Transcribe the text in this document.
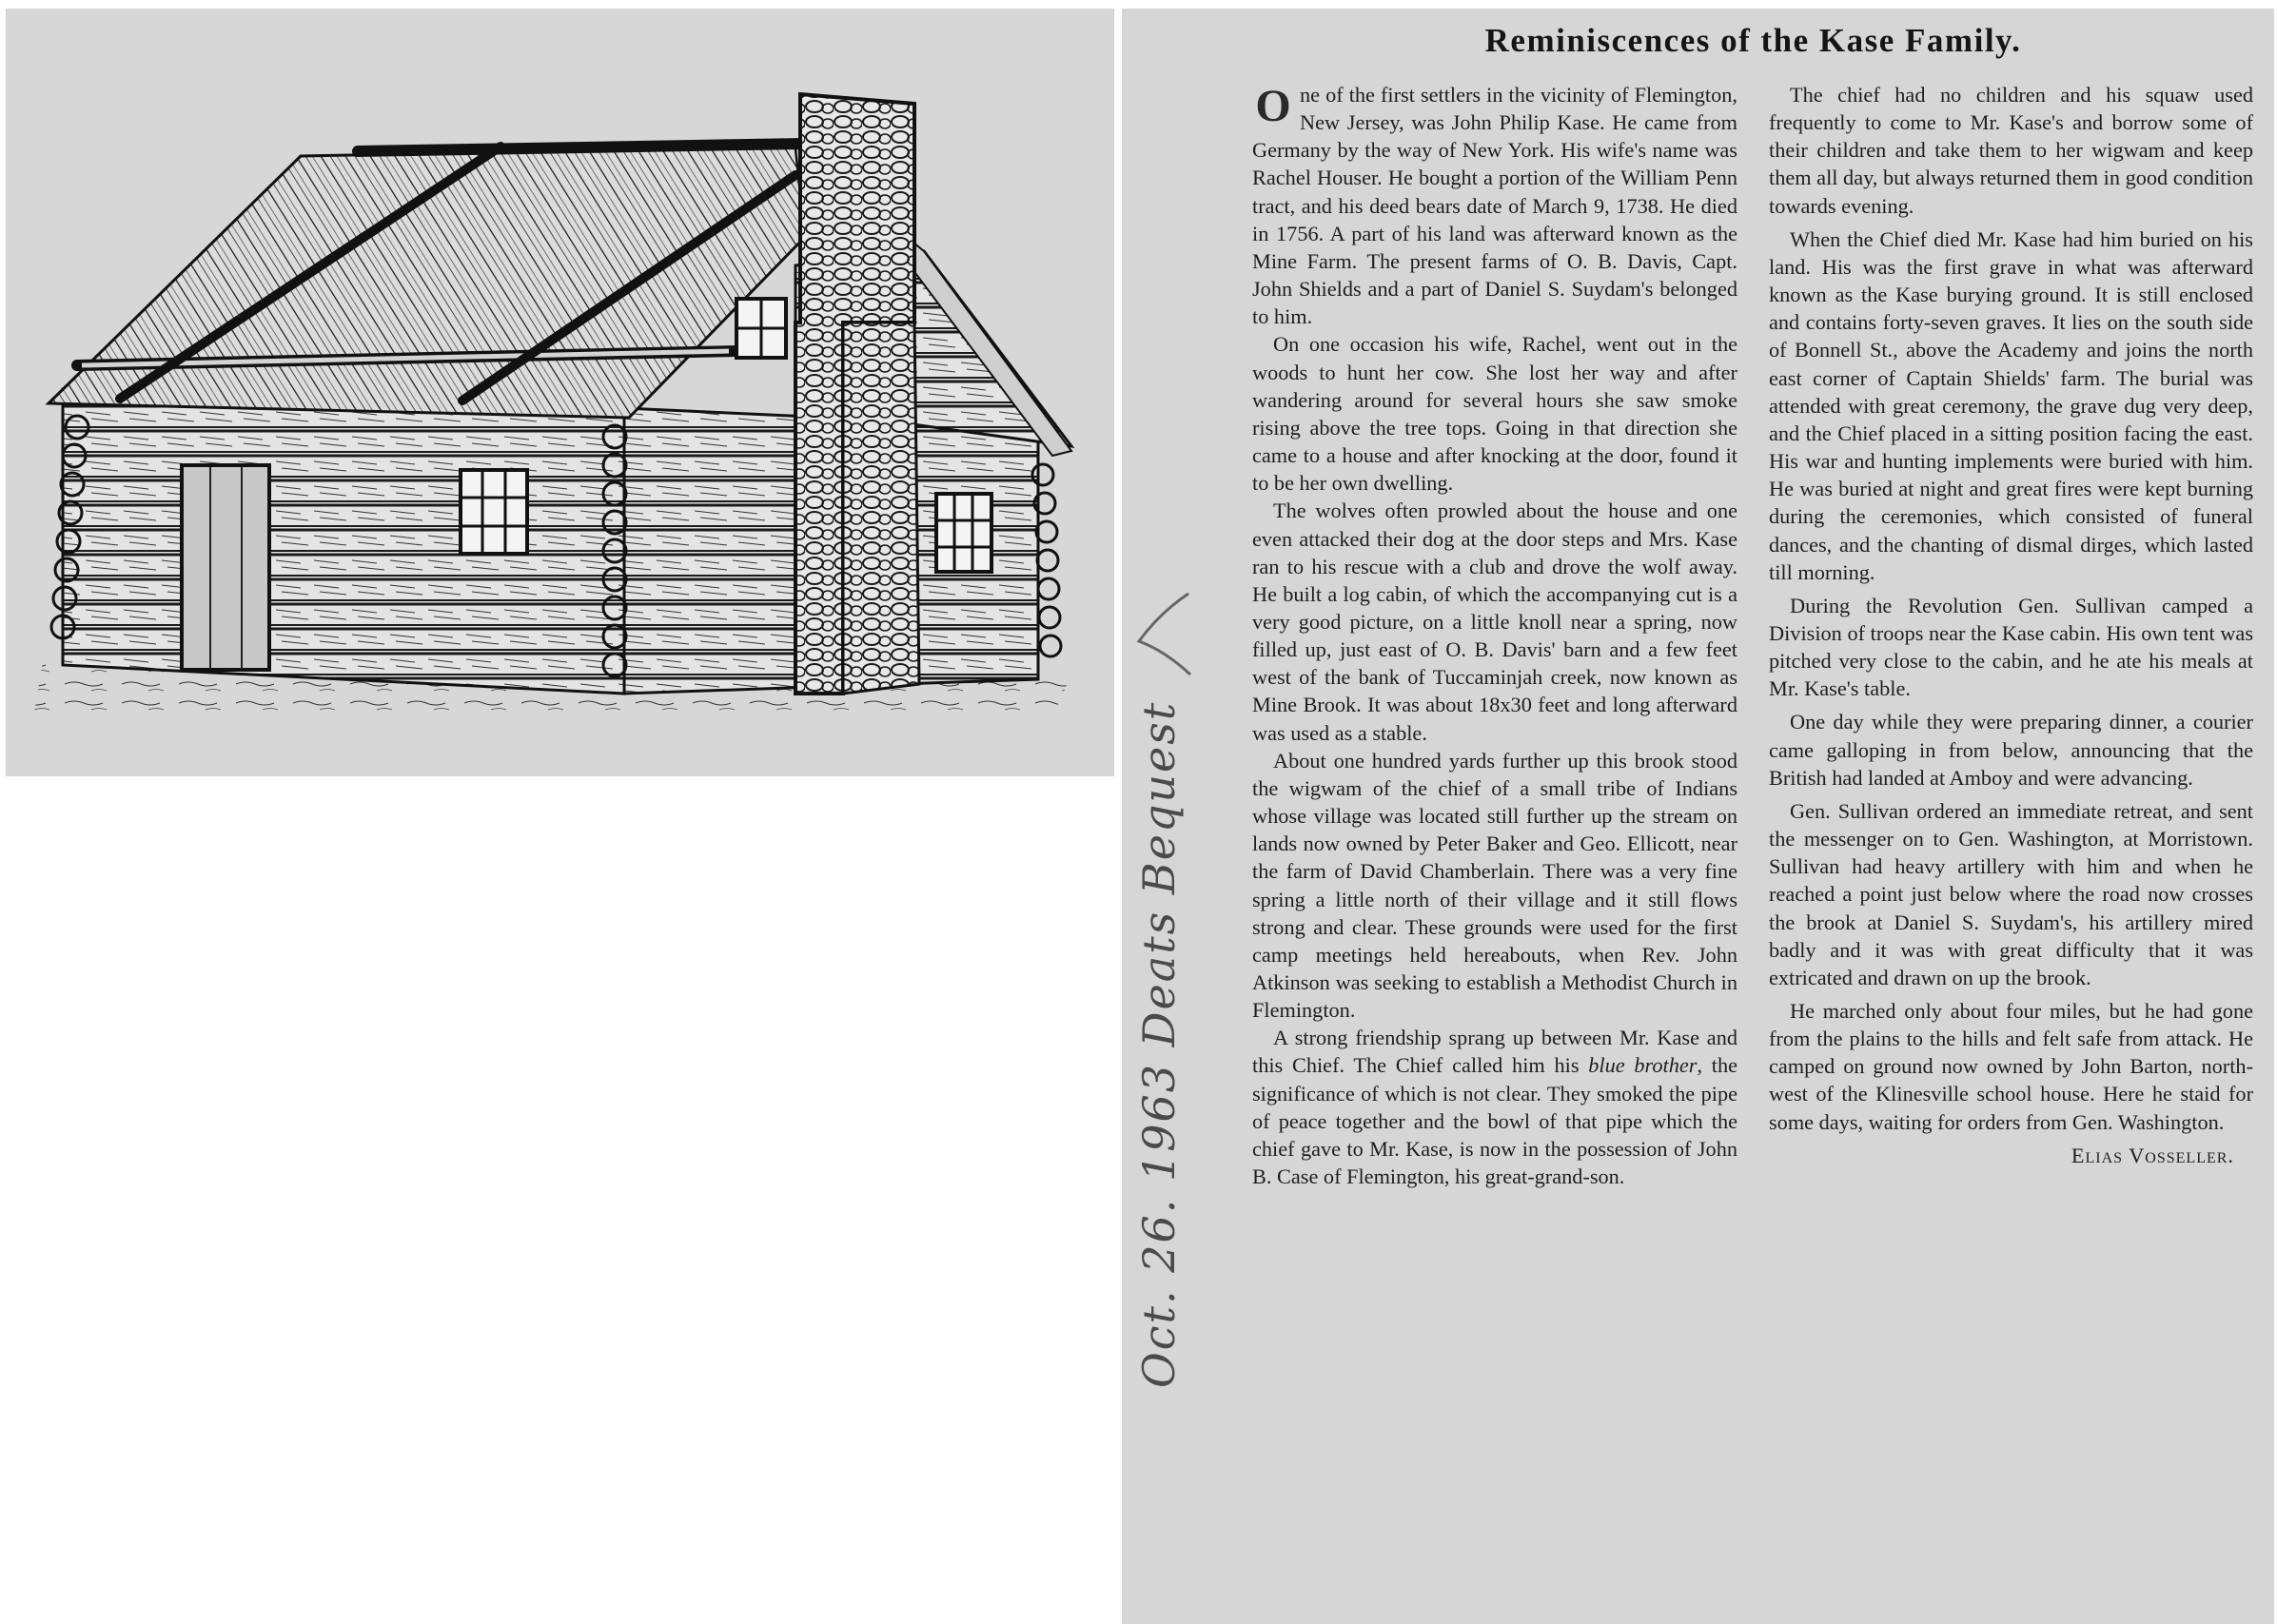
Oct. 26. 1963 Deats Bequest
Reminiscences of the Kase Family.

One of the first settlers in the vicinity of Flemington, New Jersey, was John Philip Kase. He came from Germany by the way of New York. His wife's name was Rachel Houser. He bought a portion of the William Penn tract, and his deed bears date of March 9, 1738. He died in 1756. A part of his land was afterward known as the Mine Farm. The present farms of O. B. Davis, Capt. John Shields and a part of Daniel S. Suydam's belonged to him.

On one occasion his wife, Rachel, went out in the woods to hunt her cow. She lost her way and after wandering around for several hours she saw smoke rising above the tree tops. Going in that direction she came to a house and after knocking at the door, found it to be her own dwelling.

The wolves often prowled about the house and one even attacked their dog at the door steps and Mrs. Kase ran to his rescue with a club and drove the wolf away. He built a log cabin, of which the accompanying cut is a very good picture, on a little knoll near a spring, now filled up, just east of O. B. Davis' barn and a few feet west of the bank of Tuccaminjah creek, now known as Mine Brook. It was about 18x30 feet and long afterward was used as a stable.

About one hundred yards further up this brook stood the wigwam of the chief of a small tribe of Indians whose village was located still further up the stream on lands now owned by Peter Baker and Geo. Ellicott, near the farm of David Chamberlain. There was a very fine spring a little north of their village and it still flows strong and clear. These grounds were used for the first camp meetings held hereabouts, when Rev. John Atkinson was seeking to establish a Methodist Church in Flemington.

A strong friendship sprang up between Mr. Kase and this Chief. The Chief called him his blue brother, the significance of which is not clear. They smoked the pipe of peace together and the bowl of that pipe which the chief gave to Mr. Kase, is now in the possession of John B. Case of Flemington, his great-grand-son.

The chief had no children and his squaw used frequently to come to Mr. Kase's and borrow some of their children and take them to her wigwam and keep them all day, but always returned them in good condition towards evening.

When the Chief died Mr. Kase had him buried on his land. His was the first grave in what was afterward known as the Kase burying ground. It is still enclosed and contains forty-seven graves. It lies on the south side of Bonnell St., above the Academy and joins the north east corner of Captain Shields' farm. The burial was attended with great ceremony, the grave dug very deep, and the Chief placed in a sitting position facing the east. His war and hunting implements were buried with him. He was buried at night and great fires were kept burning during the ceremonies, which consisted of funeral dances, and the chanting of dismal dirges, which lasted till morning.

During the Revolution Gen. Sullivan camped a Division of troops near the Kase cabin. His own tent was pitched very close to the cabin, and he ate his meals at Mr. Kase's table.

One day while they were preparing dinner, a courier came galloping in from below, announcing that the British had landed at Amboy and were advancing.

Gen. Sullivan ordered an immediate retreat, and sent the messenger on to Gen. Washington, at Morristown. Sullivan had heavy artillery with him and when he reached a point just below where the road now crosses the brook at Daniel S. Suydam's, his artillery mired badly and it was with great difficulty that it was extricated and drawn on up the brook.

He marched only about four miles, but he had gone from the plains to the hills and felt safe from attack. He camped on ground now owned by John Barton, north-west of the Klinesville school house. Here he staid for some days, waiting for orders from Gen. Washington.

Elias Vosseller.
